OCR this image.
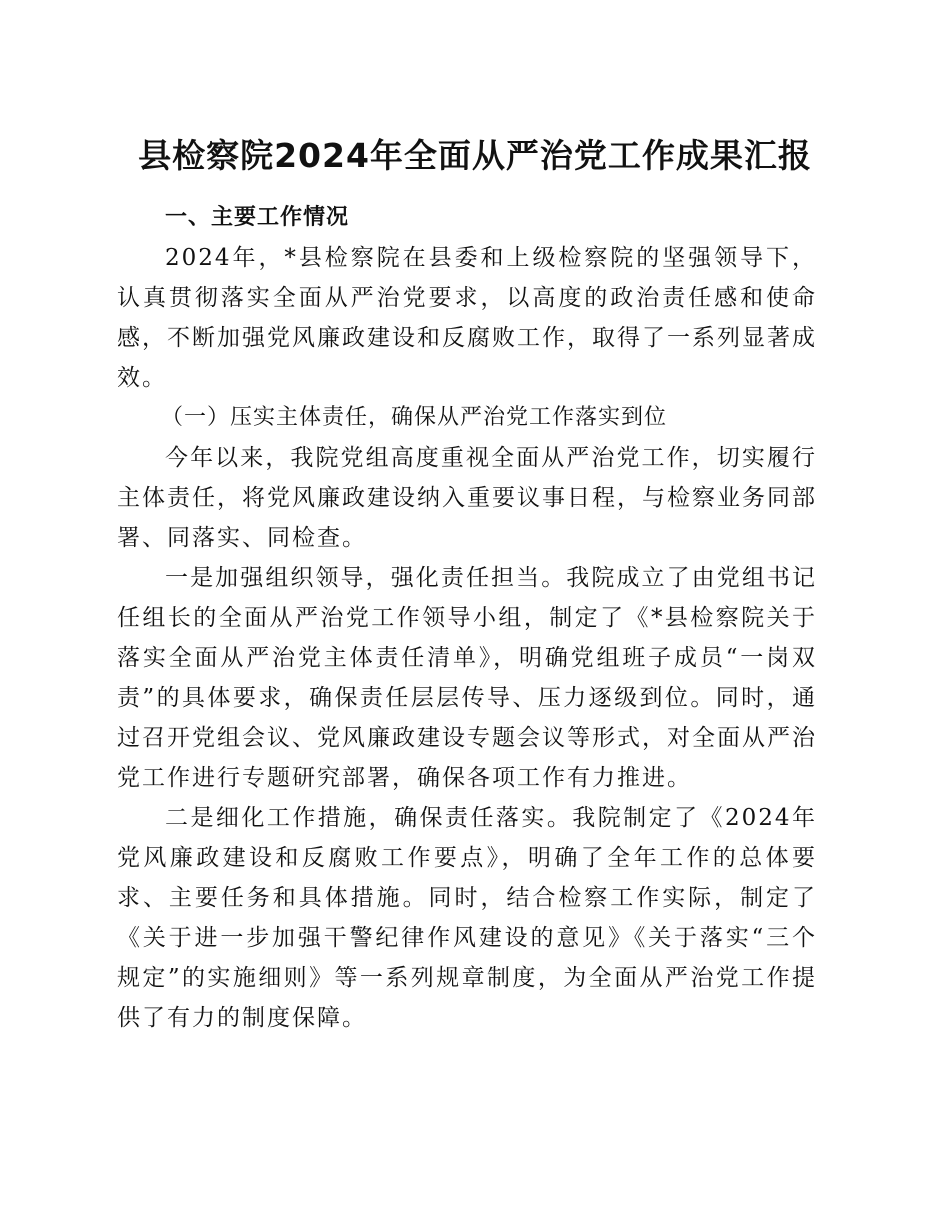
县检察院2024年全面从严治党工作成果汇报

一、主要工作情况

2024年，*县检察院在县委和上级检察院的坚强领导下，认真贯彻落实全面从严治党要求，以高度的政治责任感和使命感，不断加强党风廉政建设和反腐败工作，取得了一系列显著成效。

（一）压实主体责任，确保从严治党工作落实到位

今年以来，我院党组高度重视全面从严治党工作，切实履行主体责任，将党风廉政建设纳入重要议事日程，与检察业务同部署、同落实、同检查。

一是加强组织领导，强化责任担当。我院成立了由党组书记任组长的全面从严治党工作领导小组，制定了《*县检察院关于落实全面从严治党主体责任清单》，明确党组班子成员“一岗双责”的具体要求，确保责任层层传导、压力逐级到位。同时，通过召开党组会议、党风廉政建设专题会议等形式，对全面从严治党工作进行专题研究部署，确保各项工作有力推进。

二是细化工作措施，确保责任落实。我院制定了《2024年党风廉政建设和反腐败工作要点》，明确了全年工作的总体要求、主要任务和具体措施。同时，结合检察工作实际，制定了《关于进一步加强干警纪律作风建设的意见》《关于落实“三个规定”的实施细则》等一系列规章制度，为全面从严治党工作提供了有力的制度保障。
